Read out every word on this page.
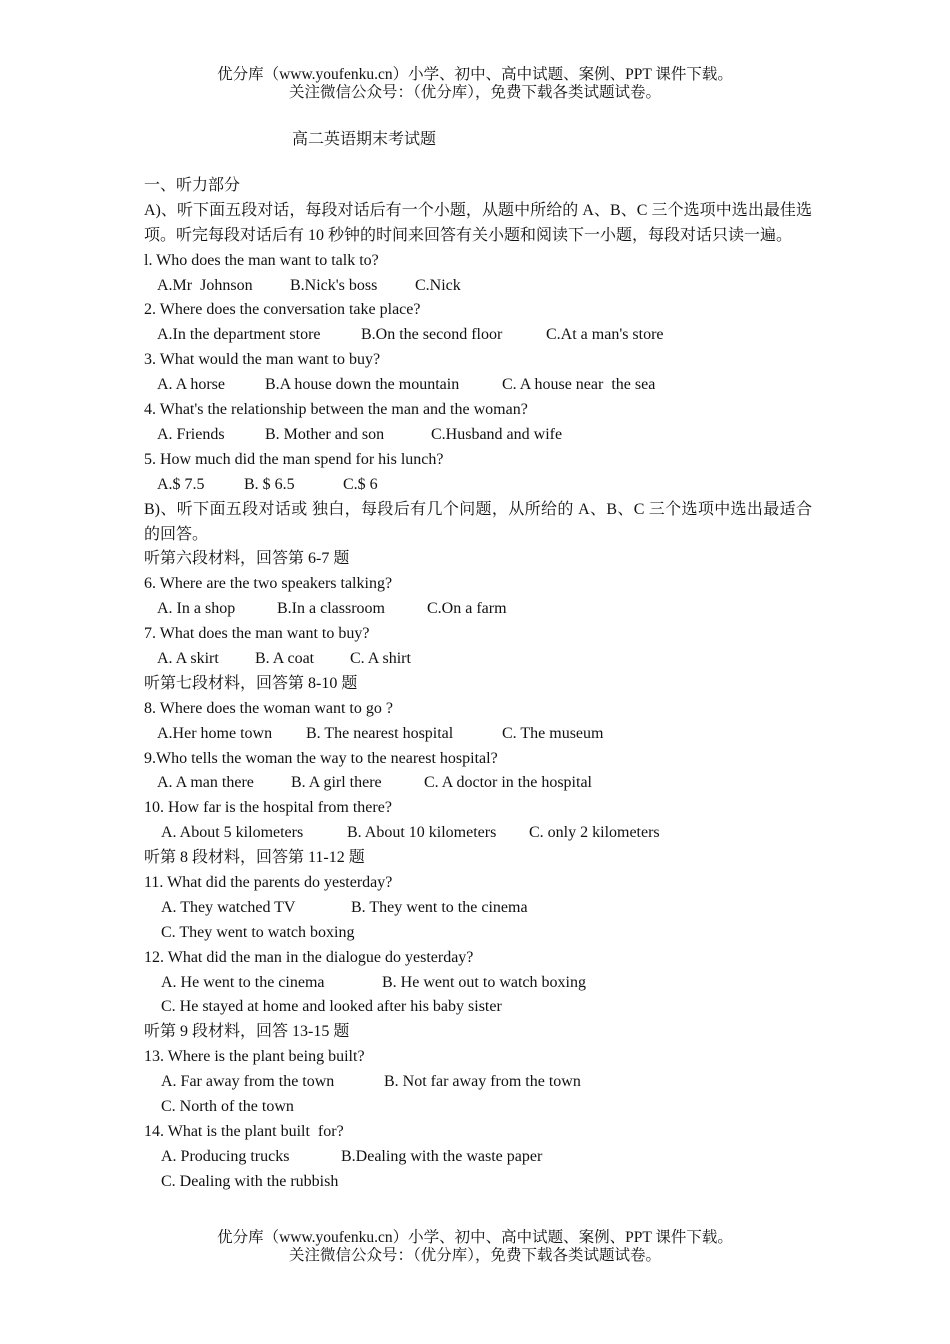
优分库（www.youfenku.cn）小学、初中、高中试题、案例、PPT 课件下载。
关注微信公众号：（优分库），免费下载各类试题试卷。
高二英语期末考试题
一、听力部分
A)、听下面五段对话，每段对话后有一个小题，从题中所给的 A、B、C 三个选项中选出最佳选项。听完每段对话后有 10 秒钟的时间来回答有关小题和阅读下一小题，每段对话只读一遍。
l. Who does the man want to talk to?
A.Mr  Johnson	B.Nick's boss	C.Nick
2. Where does the conversation take place?
A.In the department store	B.On the second floor	C.At a man's store
3. What would the man want to buy?
A. A horse	B.A house down the mountain	C. A house near  the sea
4. What's the relationship between the man and the woman?
A. Friends	B. Mother and son	C.Husband and wife
5. How much did the man spend for his lunch?
A.$ 7.5	B. $ 6.5	C.$ 6
B)、听下面五段对话或 独白，每段后有几个问题，从所给的 A、B、C 三个选项中选出最适合的回答。
听第六段材料，回答第 6-7 题
6. Where are the two speakers talking?
A. In a shop	B.In a classroom	C.On a farm
7. What does the man want to buy?
A. A skirt	B. A coat	C. A shirt
听第七段材料，回答第 8-10 题
8. Where does the woman want to go ?
A.Her home town	B. The nearest hospital	C. The museum
9.Who tells the woman the way to the nearest hospital?
A. A man there	B. A girl there	C. A doctor in the hospital
10. How far is the hospital from there?
A. About 5 kilometers	B. About 10 kilometers	C. only 2 kilometers
听第 8 段材料，回答第 11-12 题
11. What did the parents do yesterday?
A. They watched TV	B. They went to the cinema
C. They went to watch boxing
12. What did the man in the dialogue do yesterday?
A. He went to the cinema	B. He went out to watch boxing
C. He stayed at home and looked after his baby sister
听第 9 段材料，回答 13-15 题
13. Where is the plant being built?
A. Far away from the town	B. Not far away from the town
C. North of the town
14. What is the plant built  for?
A. Producing trucks	B.Dealing with the waste paper
C. Dealing with the rubbish
优分库（www.youfenku.cn）小学、初中、高中试题、案例、PPT 课件下载。
关注微信公众号：（优分库），免费下载各类试题试卷。
